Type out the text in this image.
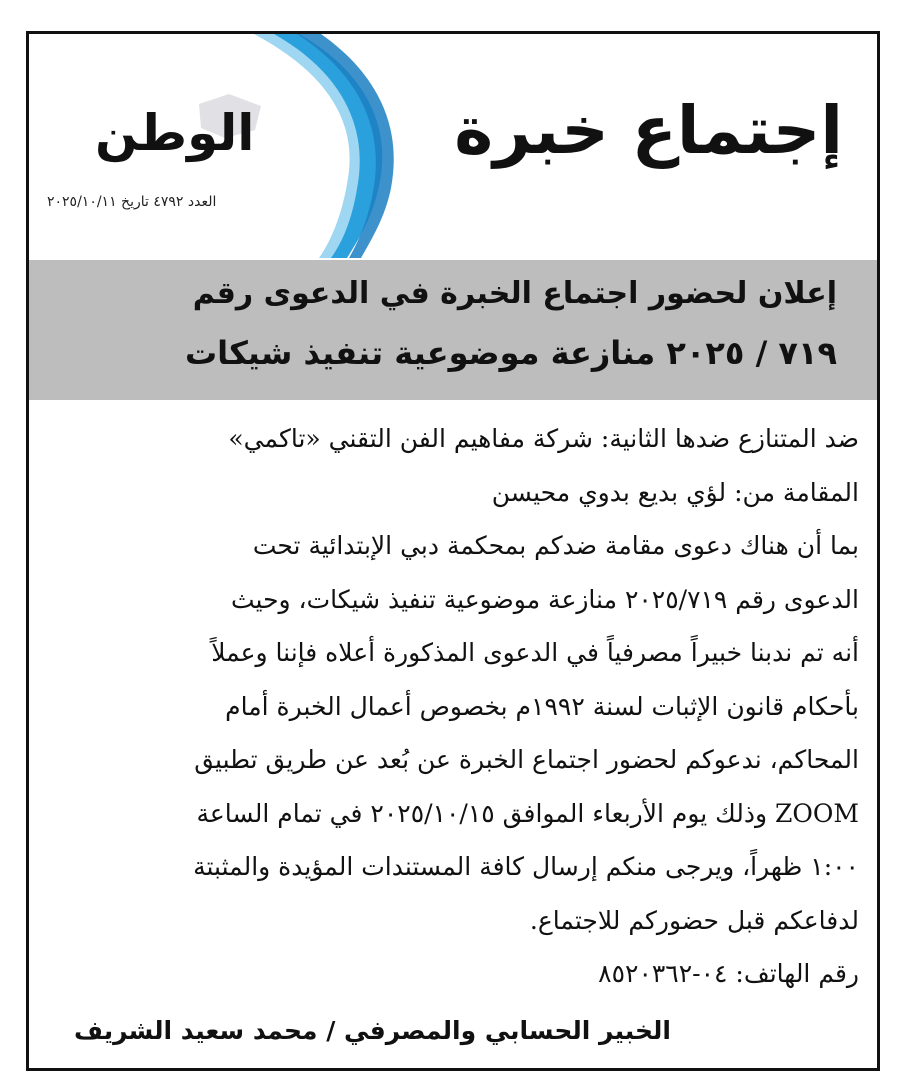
إجتماع خبرة
الوطن
العدد ٤٧٩٢ تاريخ ٢٠٢٥/١٠/١١
إعلان لحضور اجتماع الخبرة في الدعوى رقم
٧١٩ / ٢٠٢٥ منازعة موضوعية تنفيذ شيكات
ضد المتنازع ضدها الثانية: شركة مفاهيم الفن التقني «تاكمي»
المقامة من: لؤي بديع بدوي محيسن
بما أن هناك دعوى مقامة ضدكم بمحكمة دبي الإبتدائية تحت
الدعوى رقم ٢٠٢٥/٧١٩ منازعة موضوعية تنفيذ شيكات، وحيث
أنه تم ندبنا خبيراً مصرفياً في الدعوى المذكورة أعلاه فإننا وعملاً
بأحكام قانون الإثبات لسنة ١٩٩٢م بخصوص أعمال الخبرة أمام
المحاكم، ندعوكم لحضور اجتماع الخبرة عن بُعد عن طريق تطبيق
ZOOM وذلك يوم الأربعاء الموافق ٢٠٢٥/١٠/١٥ في تمام الساعة
١:٠٠ ظهراً، ويرجى منكم إرسال كافة المستندات المؤيدة والمثبتة
لدفاعكم قبل حضوركم للاجتماع.
رقم الهاتف: ٠٤-٨٥٢٠٣٦٢
الخبير الحسابي والمصرفي / محمد سعيد الشريف
